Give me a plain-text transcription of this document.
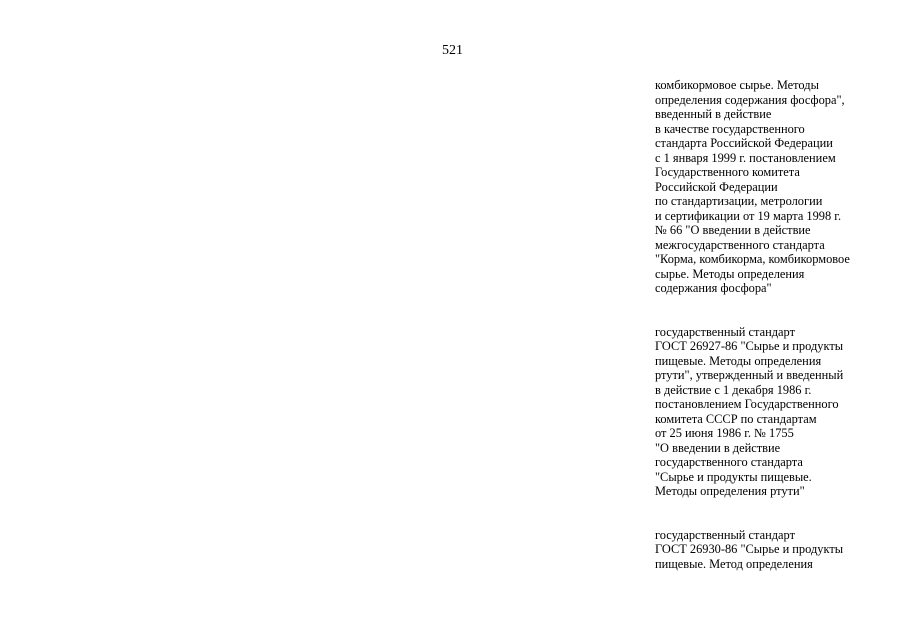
521
комбикормовое сырье. Методы
определения содержания фосфора",
введенный в действие
в качестве государственного
стандарта Российской Федерации
с 1 января 1999 г. постановлением
Государственного комитета
Российской Федерации
по стандартизации, метрологии
и сертификации от 19 марта 1998 г.
№ 66 "О введении в действие
межгосударственного стандарта
"Корма, комбикорма, комбикормовое
сырье. Методы определения
содержания фосфора"
государственный стандарт
ГОСТ 26927-86 "Сырье и продукты
пищевые. Методы определения
ртути", утвержденный и введенный
в действие с 1 декабря 1986 г.
постановлением Государственного
комитета СССР по стандартам
от 25 июня 1986 г. № 1755
"О введении в действие
государственного стандарта
"Сырье и продукты пищевые.
Методы определения ртути"
государственный стандарт
ГОСТ 26930-86 "Сырье и продукты
пищевые. Метод определения
